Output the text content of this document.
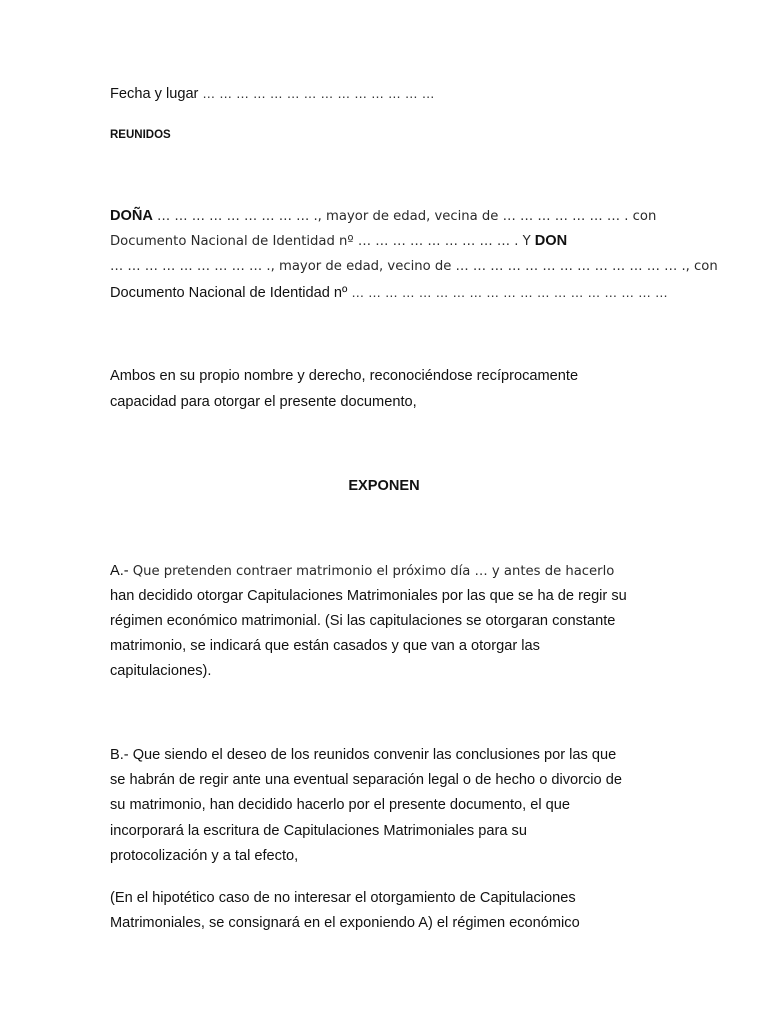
Fecha y lugar … … … … … … … … … … … … … …
REUNIDOS
DOÑA … … … … … … … … … ., mayor de edad, vecina de … … … … … … … . con
Documento Nacional de Identidad nº … … … … … … … … … . Y DON
… … … … … … … … … ., mayor de edad, vecino de … … … … … … … … … … … … … ., con
Documento Nacional de Identidad nº … … … … … … … … … … … … … … … … … … …
Ambos en su propio nombre y derecho, reconociéndose recíprocamente
capacidad para otorgar el presente documento,
EXPONEN
A.- Que pretenden contraer matrimonio el próximo día … y antes de hacerlo
han decidido otorgar Capitulaciones Matrimoniales por las que se ha de regir su
régimen económico matrimonial. (Si las capitulaciones se otorgaran constante
matrimonio, se indicará que están casados y que van a otorgar las
capitulaciones).
B.- Que siendo el deseo de los reunidos convenir las conclusiones por las que
se habrán de regir ante una eventual separación legal o de hecho o divorcio de
su matrimonio, han decidido hacerlo por el presente documento, el que
incorporará la escritura de Capitulaciones Matrimoniales para su
protocolización y a tal efecto,
(En el hipotético caso de no interesar el otorgamiento de Capitulaciones
Matrimoniales, se consignará en el exponiendo A) el régimen económico
